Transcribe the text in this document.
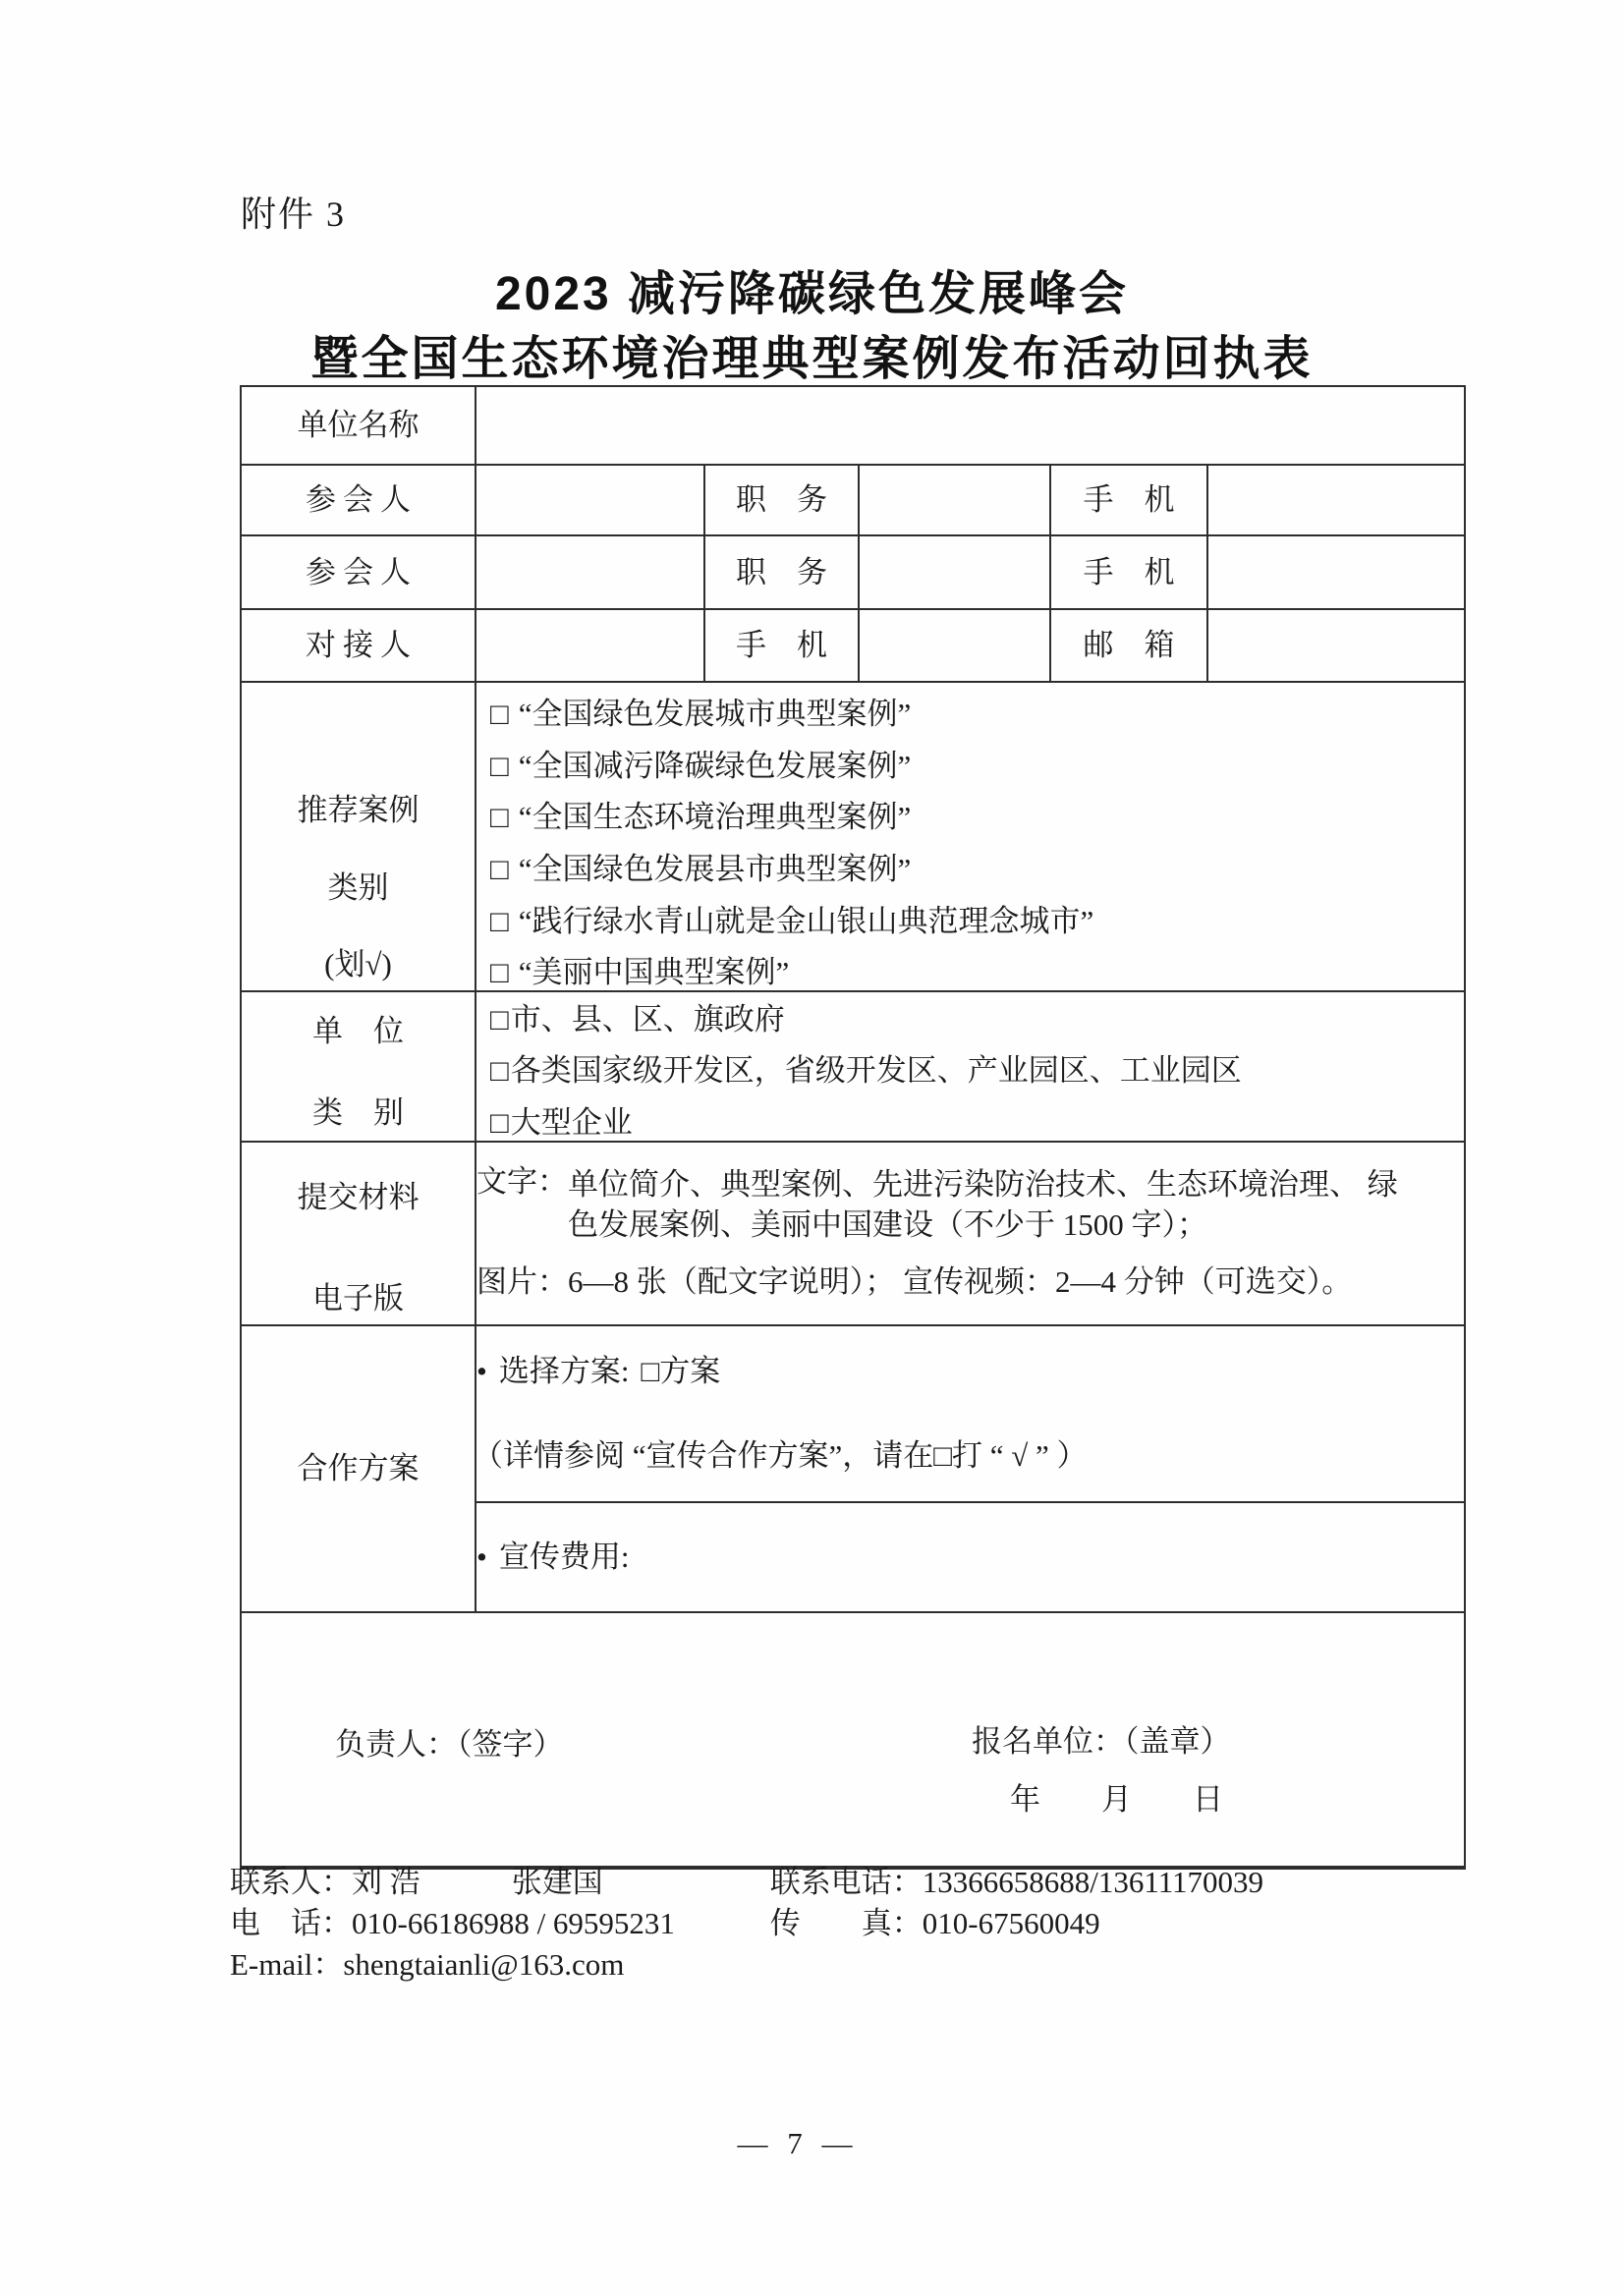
附件 3
2023 减污降碳绿色发展峰会
暨全国生态环境治理典型案例发布活动回执表
单位名称					
参会人		职　务		手　机	
参会人		职　务		手　机	
对接人		手　机		邮　箱	

推荐案例
类别
(划√)

□ “全国绿色发展城市典型案例”
□ “全国减污降碳绿色发展案例”
□ “全国生态环境治理典型案例”
□ “全国绿色发展县市典型案例”
□ “践行绿水青山就是金山银山典范理念城市”
□ “美丽中国典型案例”

单　位
类　别

□ 市、县、区、旗政府
□ 各类国家级开发区，省级开发区、产业园区、工业园区
□ 大型企业

提交材料
电子版

文字： 单位简介、典型案例、先进污染防治技术、生态环境治理、 绿
色发展案例、美丽中国建设（不少于 1500 字）；
图片：6—8 张（配文字说明）； 宣传视频：2—4 分钟（可选交）。

合作方案	• 选择方案: □ 方案
（详情参阅 “宣传合作方案”，请在□打 “ √ ” ）				

	• 宣传费用:				

负责人：（签字） 报名单位：（盖章）
年　　月　　日					
联系人：刘 浩　　　张建国	联系电话：13366658688/13611170039
电　话：010-66186988 / 69595231	传　　真：010-67560049
E-mail：shengtaianli@163.com
— 7 —
